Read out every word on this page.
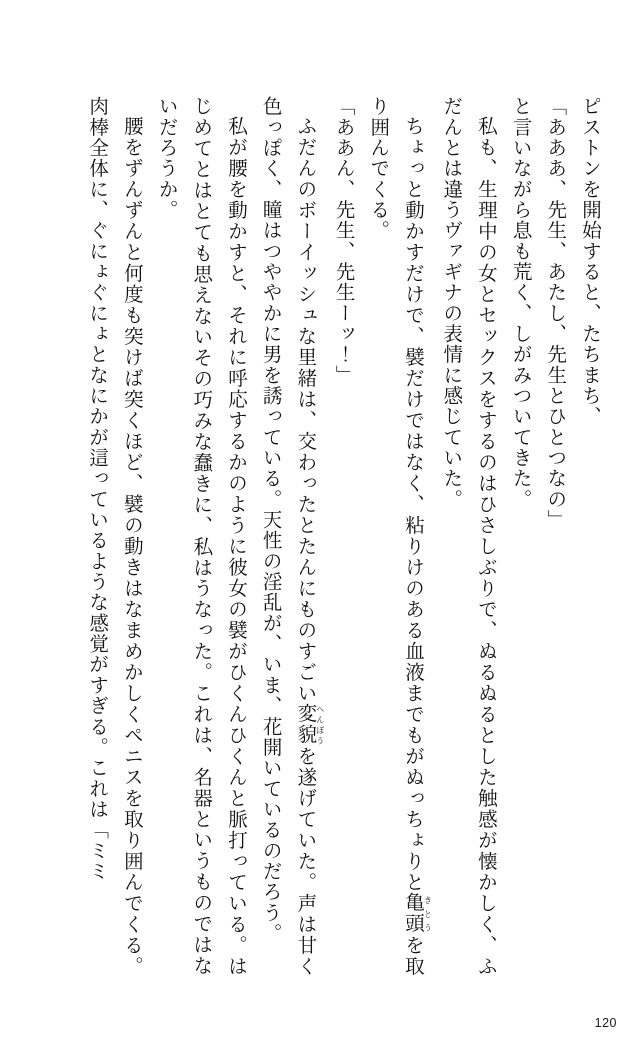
ピストンを開始すると、たちまち、

「あああ、先生、あたし、先生とひとつなの」

と言いながら息も荒く、しがみついてきた。

私も、生理中の女とセックスをするのはひさしぶりで、ぬるぬるとした触感が懐かしく、ふだんとは違うヴァギナの表情に感じていた。

ちょっと動かすだけで、襞だけではなく、粘りけのある血液までもがぬっちょりと亀頭きとうを取り囲んでくる。

「ああん、先生、先生ーッ！」

ふだんのボーイッシュな里緒は、交わったとたんにものすごい変貌へんぼうを遂げていた。声は甘く色っぽく、瞳はつややかに男を誘っている。天性の淫乱が、いま、花開いているのだろう。

私が腰を動かすと、それに呼応するかのように彼女の襞がひくんひくんと脈打っている。はじめてとはとても思えないその巧みな蠢きに、私はうなった。これは、名器というものではないだろうか。

腰をずんずんと何度も突けば突くほど、襞の動きはなまめかしくペニスを取り囲んでくる。肉棒全体に、ぐにょぐにょとなにかが這っているような感覚がすぎる。これは「ミミ

120
